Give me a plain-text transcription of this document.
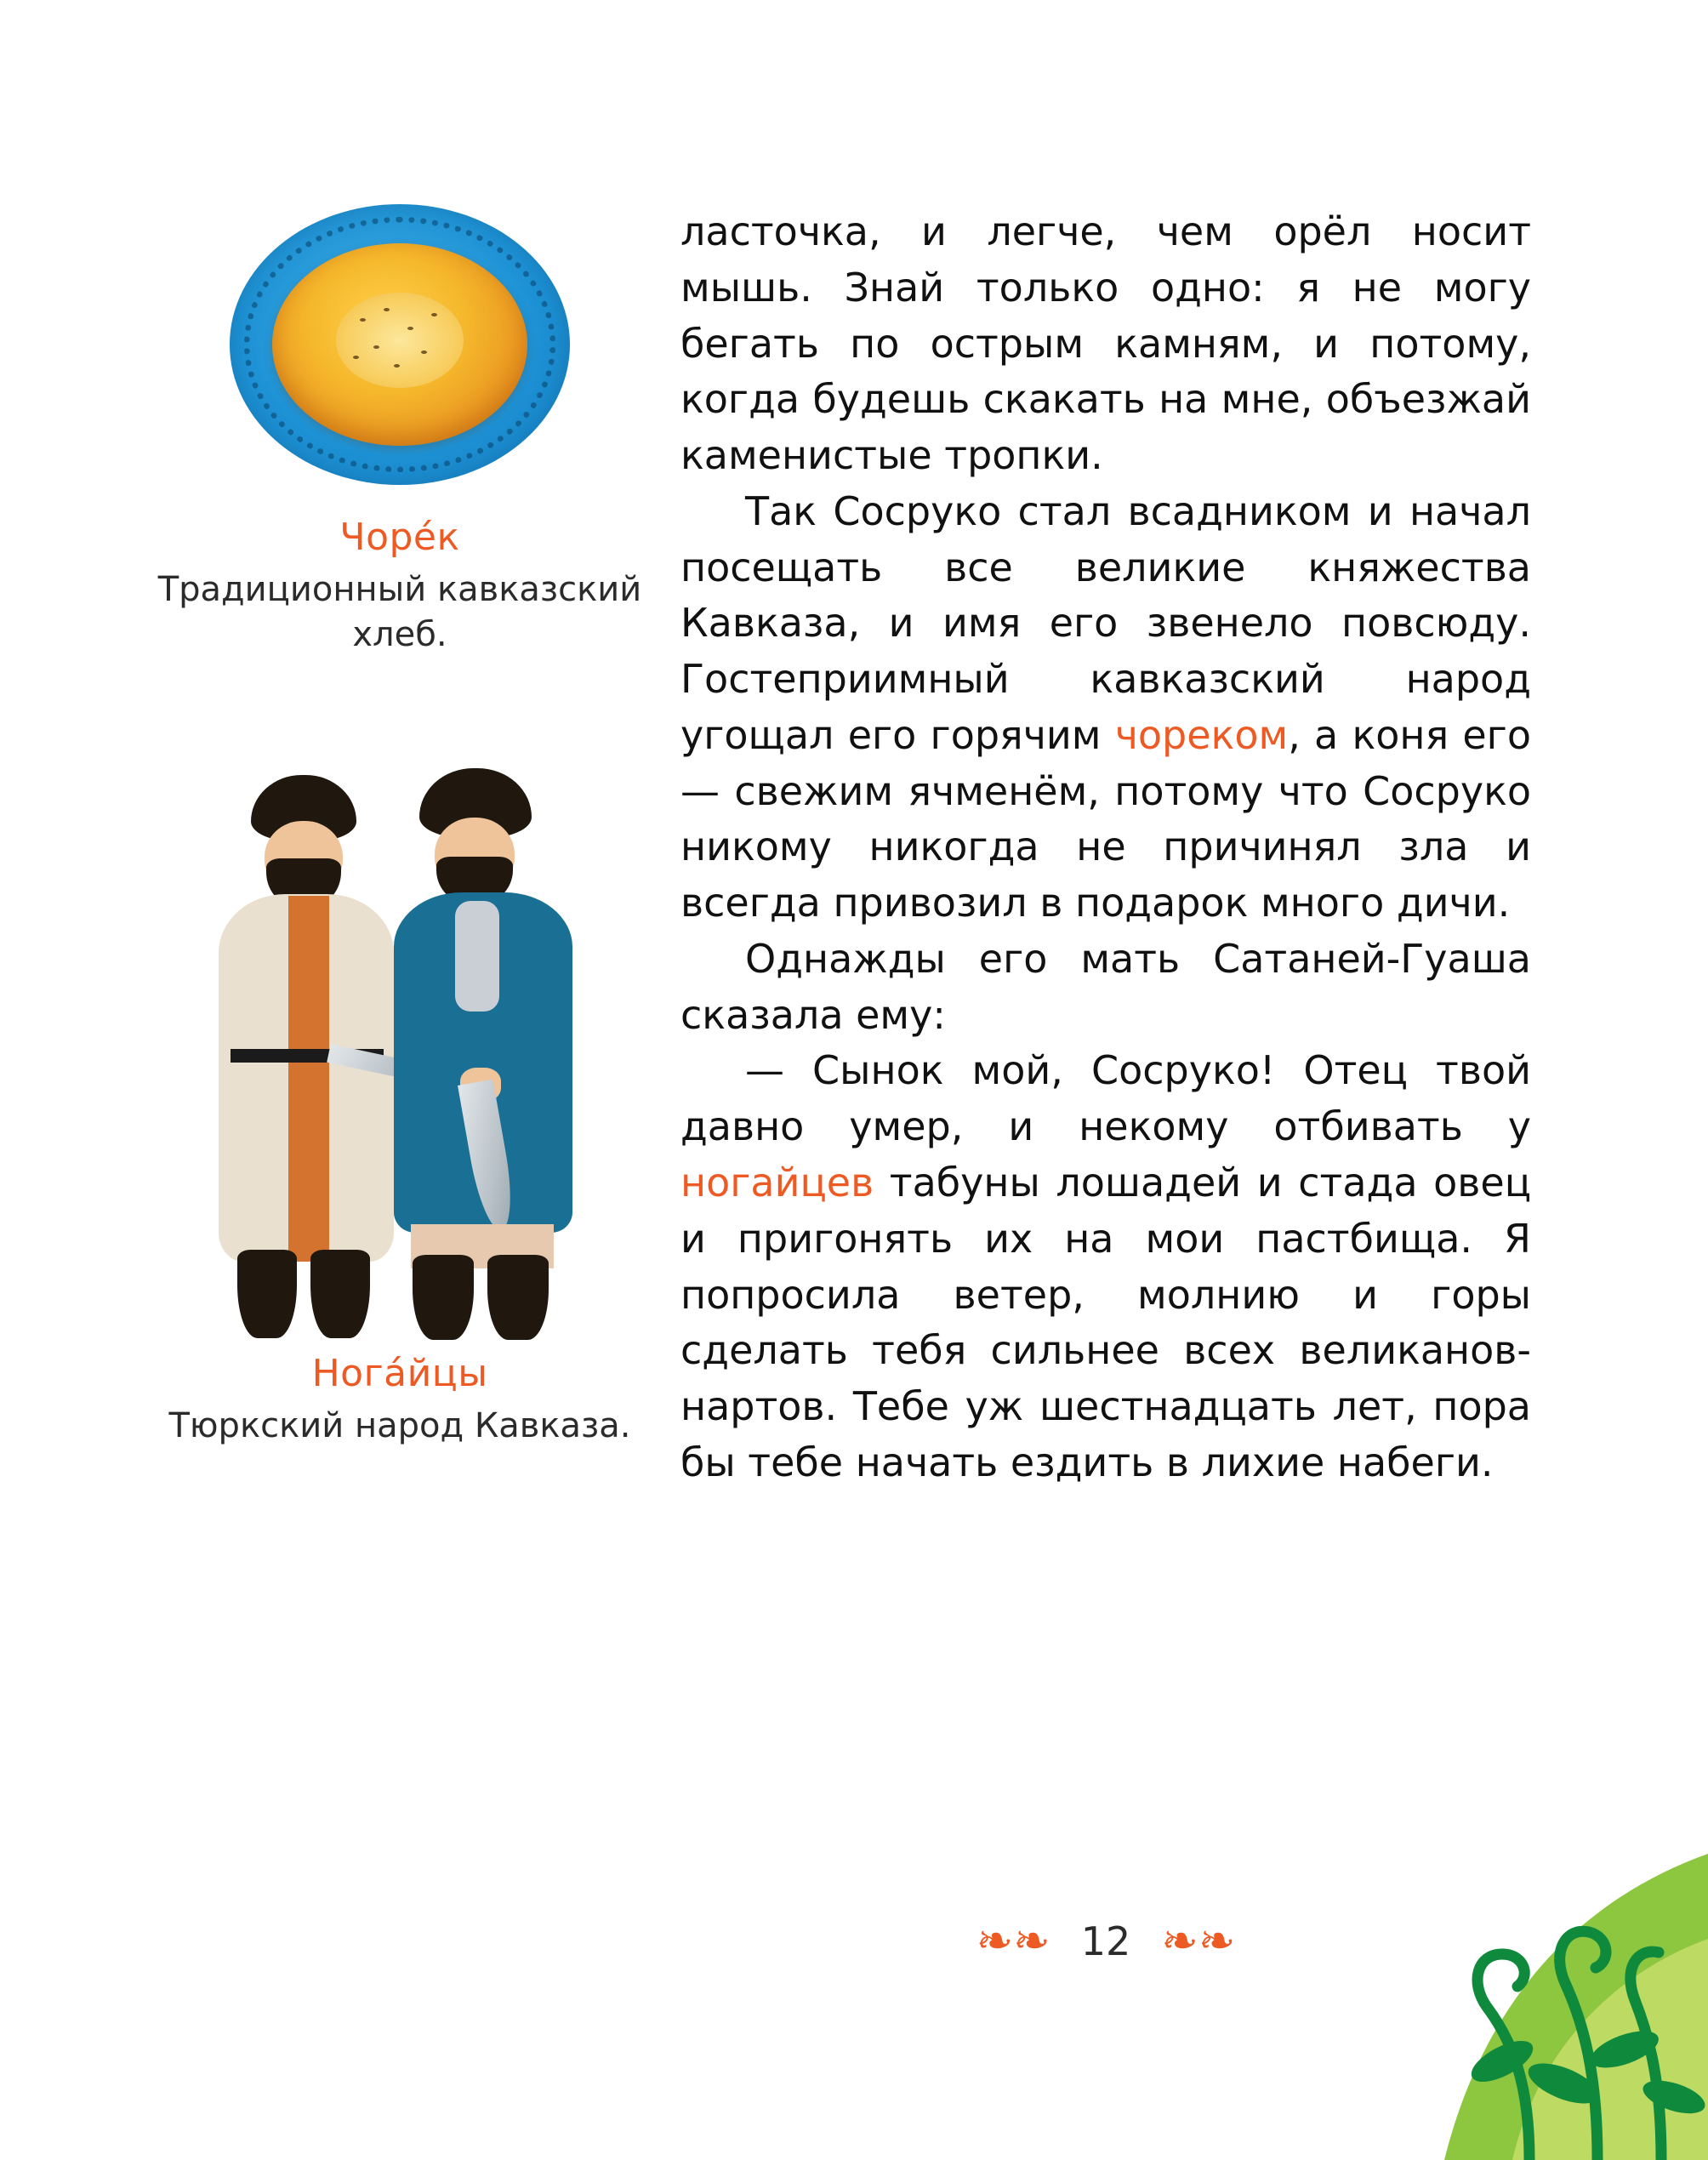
Чоре́к
Традиционный кавказский хлеб.
Нога́йцы
Тюркский народ Кавказа.

ласточка, и легче, чем орёл носит мышь. Знай только одно: я не могу бегать по острым камням, и потому, когда будешь скакать на мне, объезжай каменистые тропки.

Так Сосруко стал всадником и начал посещать все великие княжества Кавказа, и имя его звенело повсюду. Гостеприимный кавказский народ угощал его горячим чореком, а коня его — свежим ячменём, потому что Сосруко никому никогда не причинял зла и всегда привозил в подарок много дичи.

Однажды его мать Сатаней-Гуаша сказала ему:

— Сынок мой, Сосруко! Отец твой давно умер, и некому отбивать у ногайцев табуны лошадей и стада овец и пригонять их на мои пастбища. Я попросила ветер, молнию и горы сделать тебя сильнее всех великанов-нартов. Тебе уж шестнадцать лет, пора бы тебе начать ездить в лихие набеги.

❧❧ 12 ❧❧
